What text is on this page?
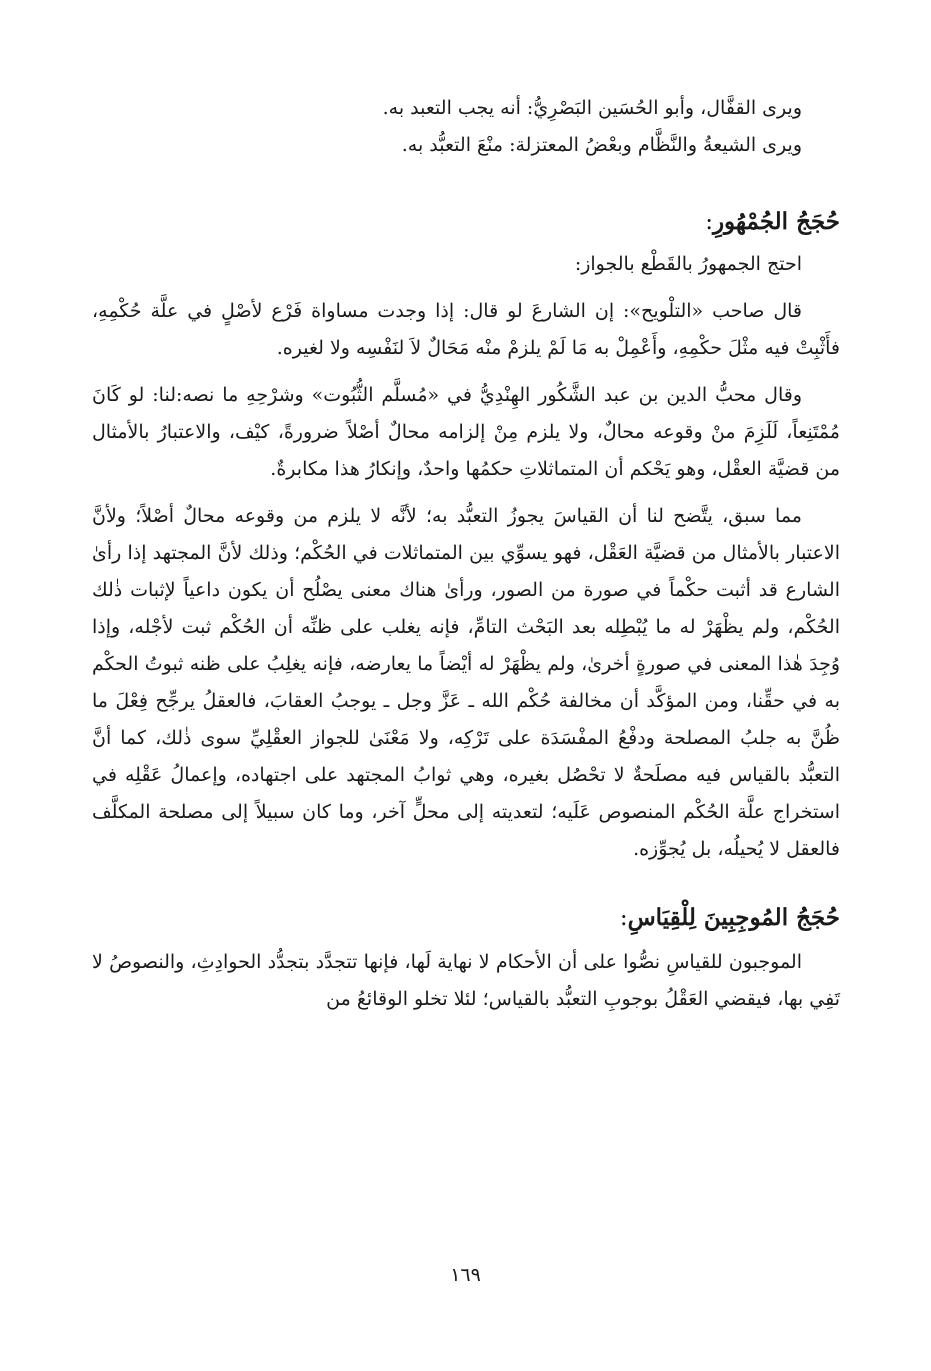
ويرى القفَّال، وأبو الحُسَين البَصْرِيُّ: أنه يجب التعبد به.

ويرى الشيعةُ والنَّظَّام وبعْضُ المعتزلة: منْعَ التعبُّد به.

حُجَجُ الجُمْهُورِ:

احتج الجمهورُ بالقَطْع بالجواز:

قال صاحب «التلْويح»: إن الشارعَ لو قال: إذا وجدت مساواة فَرْع لأصْلٍ في علَّة حُكْمِهِ، فأَثْبِتْ فيه مثْلَ حكْمِهِ، وأَعْمِلْ به مَا لَمْ يلزمْ منْه مَحَالٌ لاَ لنَفْسِه ولا لغيره.

وقال محبُّ الدين بن عبد الشَّكُور الهِنْدِيُّ في «مُسلَّم الثُّبُوت» وشرْحِهِ ما نصه:لنا: لو كَانَ مُمْتَنِعاً، لَلَزِمَ منْ وقوعه محالٌ، ولا يلزم مِنْ إلزامه محالٌ أصْلاً ضرورةً، كيْف، والاعتبارُ بالأمثال من قضيَّة العقْل، وهو يَحْكم أن المتماثلاتِ حكمُها واحدٌ، وإنكارُ هذا مكابرةٌ.

مما سبق، يتَّضح لنا أن القياسَ يجوزُ التعبُّد به؛ لأنَّه لا يلزم من وقوعه محالٌ أصْلاً؛ ولأنَّ الاعتبار بالأمثال من قضيَّة العَقْل، فهو يسوِّي بين المتماثلات في الحُكْم؛ وذلك لأنَّ المجتهد إذا رأىٰ الشارع قد أثبت حكْماً في صورة من الصور، ورأىٰ هناك معنى يصْلُح أن يكون داعياً لإثبات ذٰلك الحُكْم، ولم يظْهَرْ له ما يُبْطِله بعد البَحْث التامِّ، فإنه يغلب على ظنِّه أن الحُكْم ثبت لأجْله، وإذا وُجِدَ هٰذا المعنى في صورةٍ أخرىٰ، ولم يظْهَرْ له أيْضاً ما يعارضه، فإنه يغلِبُ على ظنه ثبوتُ الحكْم به في حقِّنا، ومن المؤكَّد أن مخالفة حُكْم الله ـ عَزَّ وجل ـ يوجبُ العقابَ، فالعقلُ يرجِّح فِعْلَ ما ظُنَّ به جلبُ المصلحة ودفْعُ المفْسَدَة على تَرْكِه، ولا مَعْنَىٰ للجواز العقْلِيِّ سوى ذٰلك، كما أنَّ التعبُّد بالقياس فيه مصلَحةٌ لا تحْصُل بغيره، وهي ثوابُ المجتهد على اجتهاده، وإعمالُ عَقْلِه في استخراج علَّة الحُكْم المنصوص عَلَيه؛ لتعديته إلى محلٍّ آخر، وما كان سبيلاً إلى مصلحة المكلَّف فالعقل لا يُحيلُه، بل يُجوِّزه.

حُجَجُ المُوجِبِينَ لِلْقِيَاسِ:

الموجبون للقياسِ نصُّوا على أن الأحكام لا نهاية لَها، فإنها تتجدَّد بتجدُّد الحوادِثِ، والنصوصُ لا تَفِي بها، فيقضي العَقْلُ بوجوبِ التعبُّد بالقياس؛ لئلا تخلو الوقائعُ من

١٦٩
